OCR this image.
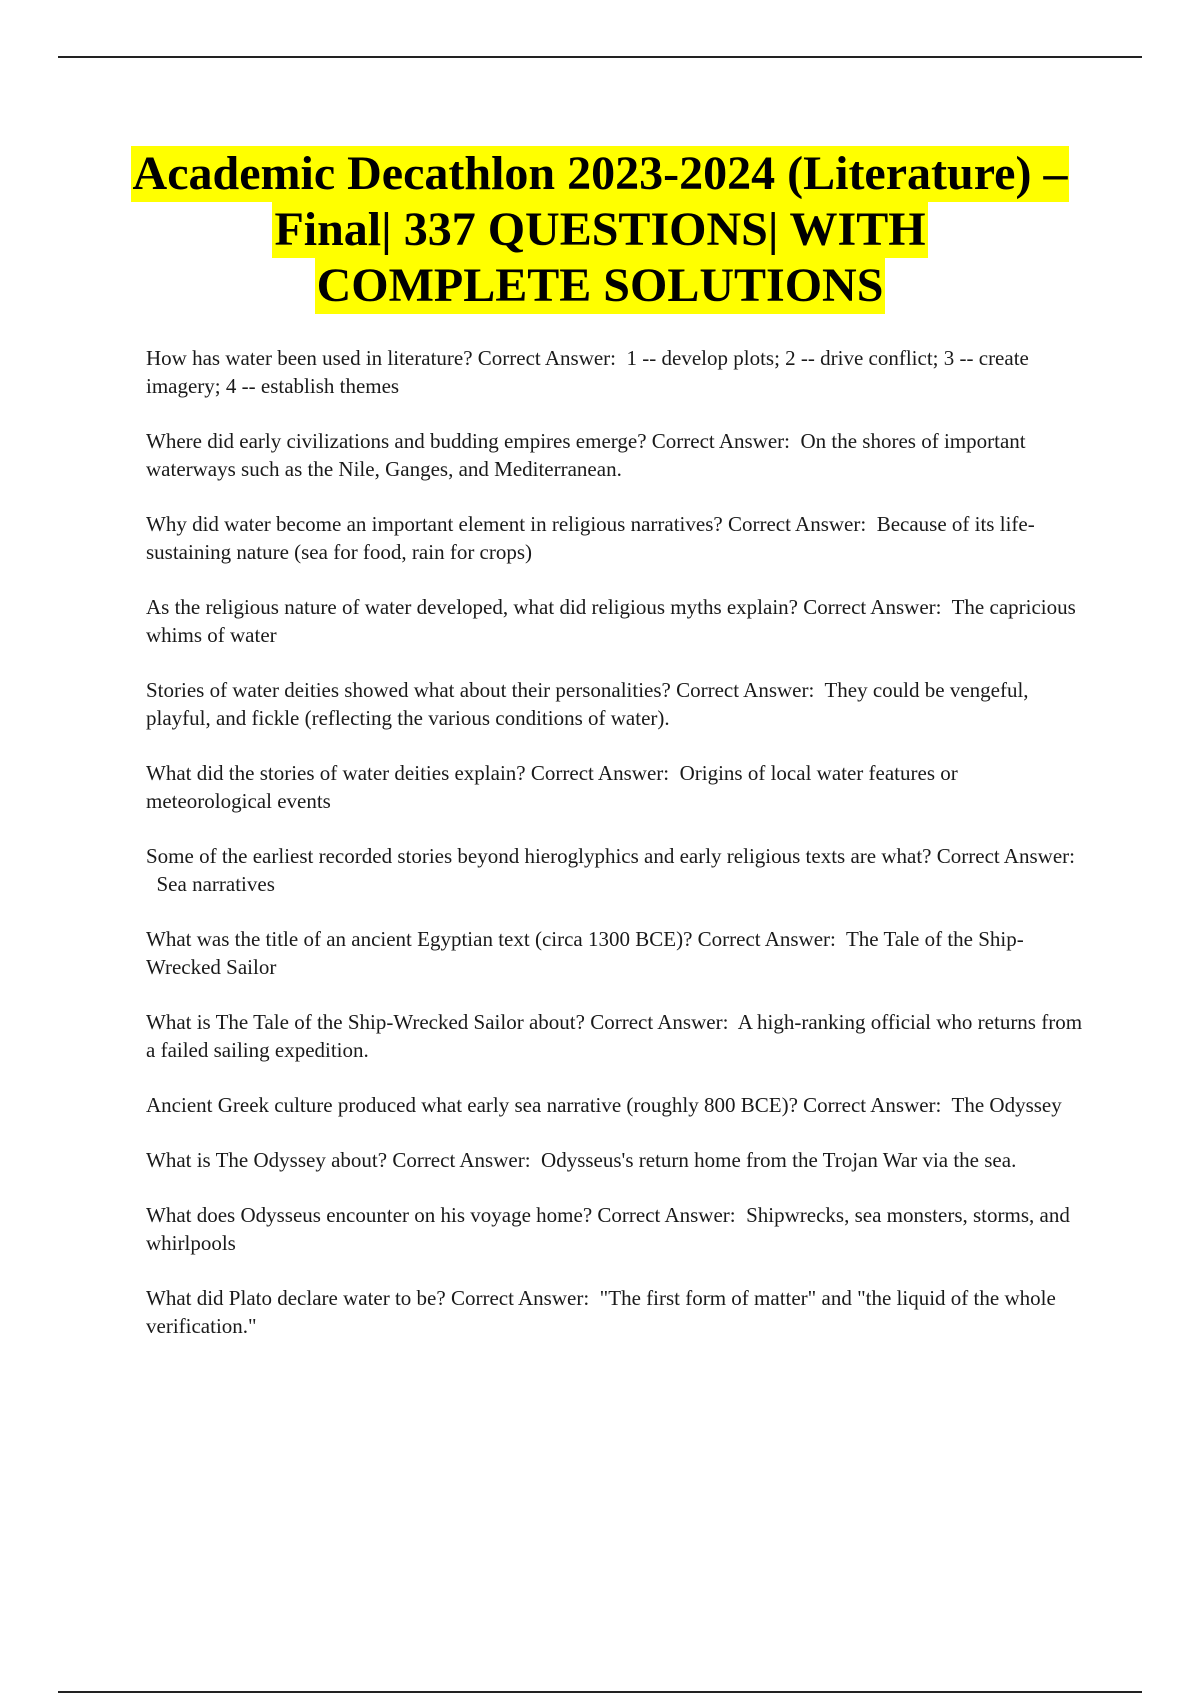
Academic Decathlon 2023-2024 (Literature) –
Final| 337 QUESTIONS| WITH
COMPLETE SOLUTIONS

How has water been used in literature? Correct Answer: 1 -- develop plots; 2 -- drive conflict; 3 -- create imagery; 4 -- establish themes

Where did early civilizations and budding empires emerge? Correct Answer: On the shores of important waterways such as the Nile, Ganges, and Mediterranean.

Why did water become an important element in religious narratives? Correct Answer: Because of its life-sustaining nature (sea for food, rain for crops)

As the religious nature of water developed, what did religious myths explain? Correct Answer: The capricious whims of water

Stories of water deities showed what about their personalities? Correct Answer: They could be vengeful, playful, and fickle (reflecting the various conditions of water).

What did the stories of water deities explain? Correct Answer: Origins of local water features or meteorological events

Some of the earliest recorded stories beyond hieroglyphics and early religious texts are what? Correct Answer:  Sea narratives

What was the title of an ancient Egyptian text (circa 1300 BCE)? Correct Answer: The Tale of the Ship-Wrecked Sailor

What is The Tale of the Ship-Wrecked Sailor about? Correct Answer: A high-ranking official who returns from a failed sailing expedition.

Ancient Greek culture produced what early sea narrative (roughly 800 BCE)? Correct Answer: The Odyssey

What is The Odyssey about? Correct Answer: Odysseus's return home from the Trojan War via the sea.

What does Odysseus encounter on his voyage home? Correct Answer: Shipwrecks, sea monsters, storms, and whirlpools

What did Plato declare water to be? Correct Answer: "The first form of matter" and "the liquid of the whole verification."
